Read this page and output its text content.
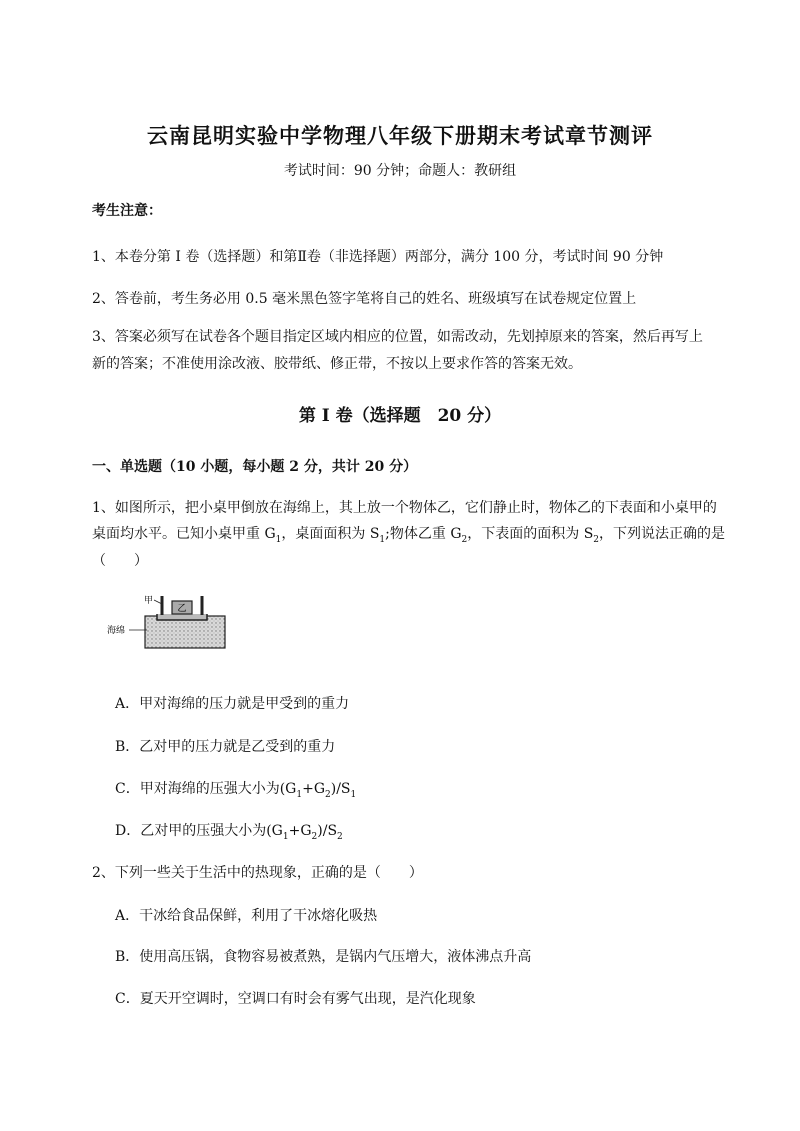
云南昆明实验中学物理八年级下册期末考试章节测评
考试时间：90 分钟；命题人：教研组
考生注意：
1、本卷分第 I 卷（选择题）和第Ⅱ卷（非选择题）两部分，满分 100 分，考试时间 90 分钟
2、答卷前，考生务必用 0.5 毫米黑色签字笔将自己的姓名、班级填写在试卷规定位置上
3、答案必须写在试卷各个题目指定区域内相应的位置，如需改动，先划掉原来的答案，然后再写上新的答案；不准使用涂改液、胶带纸、修正带，不按以上要求作答的答案无效。
第 I 卷（选择题　20 分）
一、单选题（10 小题，每小题 2 分，共计 20 分）
1、如图所示，把小桌甲倒放在海绵上，其上放一个物体乙，它们静止时，物体乙的下表面和小桌甲的
桌面均水平。已知小桌甲重 $G_1$，桌面面积为 $S_1$;物体乙重 $G_2$，下表面的面积为 $S_2$，下列说法正确的是
（　　）
乙
甲
海绵
A．甲对海绵的压力就是甲受到的重力
B．乙对甲的压力就是乙受到的重力
C．甲对海绵的压强大小为$(G_1+G_2)/S_1$
D．乙对甲的压强大小为$(G_1+G_2)/S_2$
2、下列一些关于生活中的热现象，正确的是（　　）
A．干冰给食品保鲜，利用了干冰熔化吸热
B．使用高压锅，食物容易被煮熟，是锅内气压增大，液体沸点升高
C．夏天开空调时，空调口有时会有雾气出现，是汽化现象
